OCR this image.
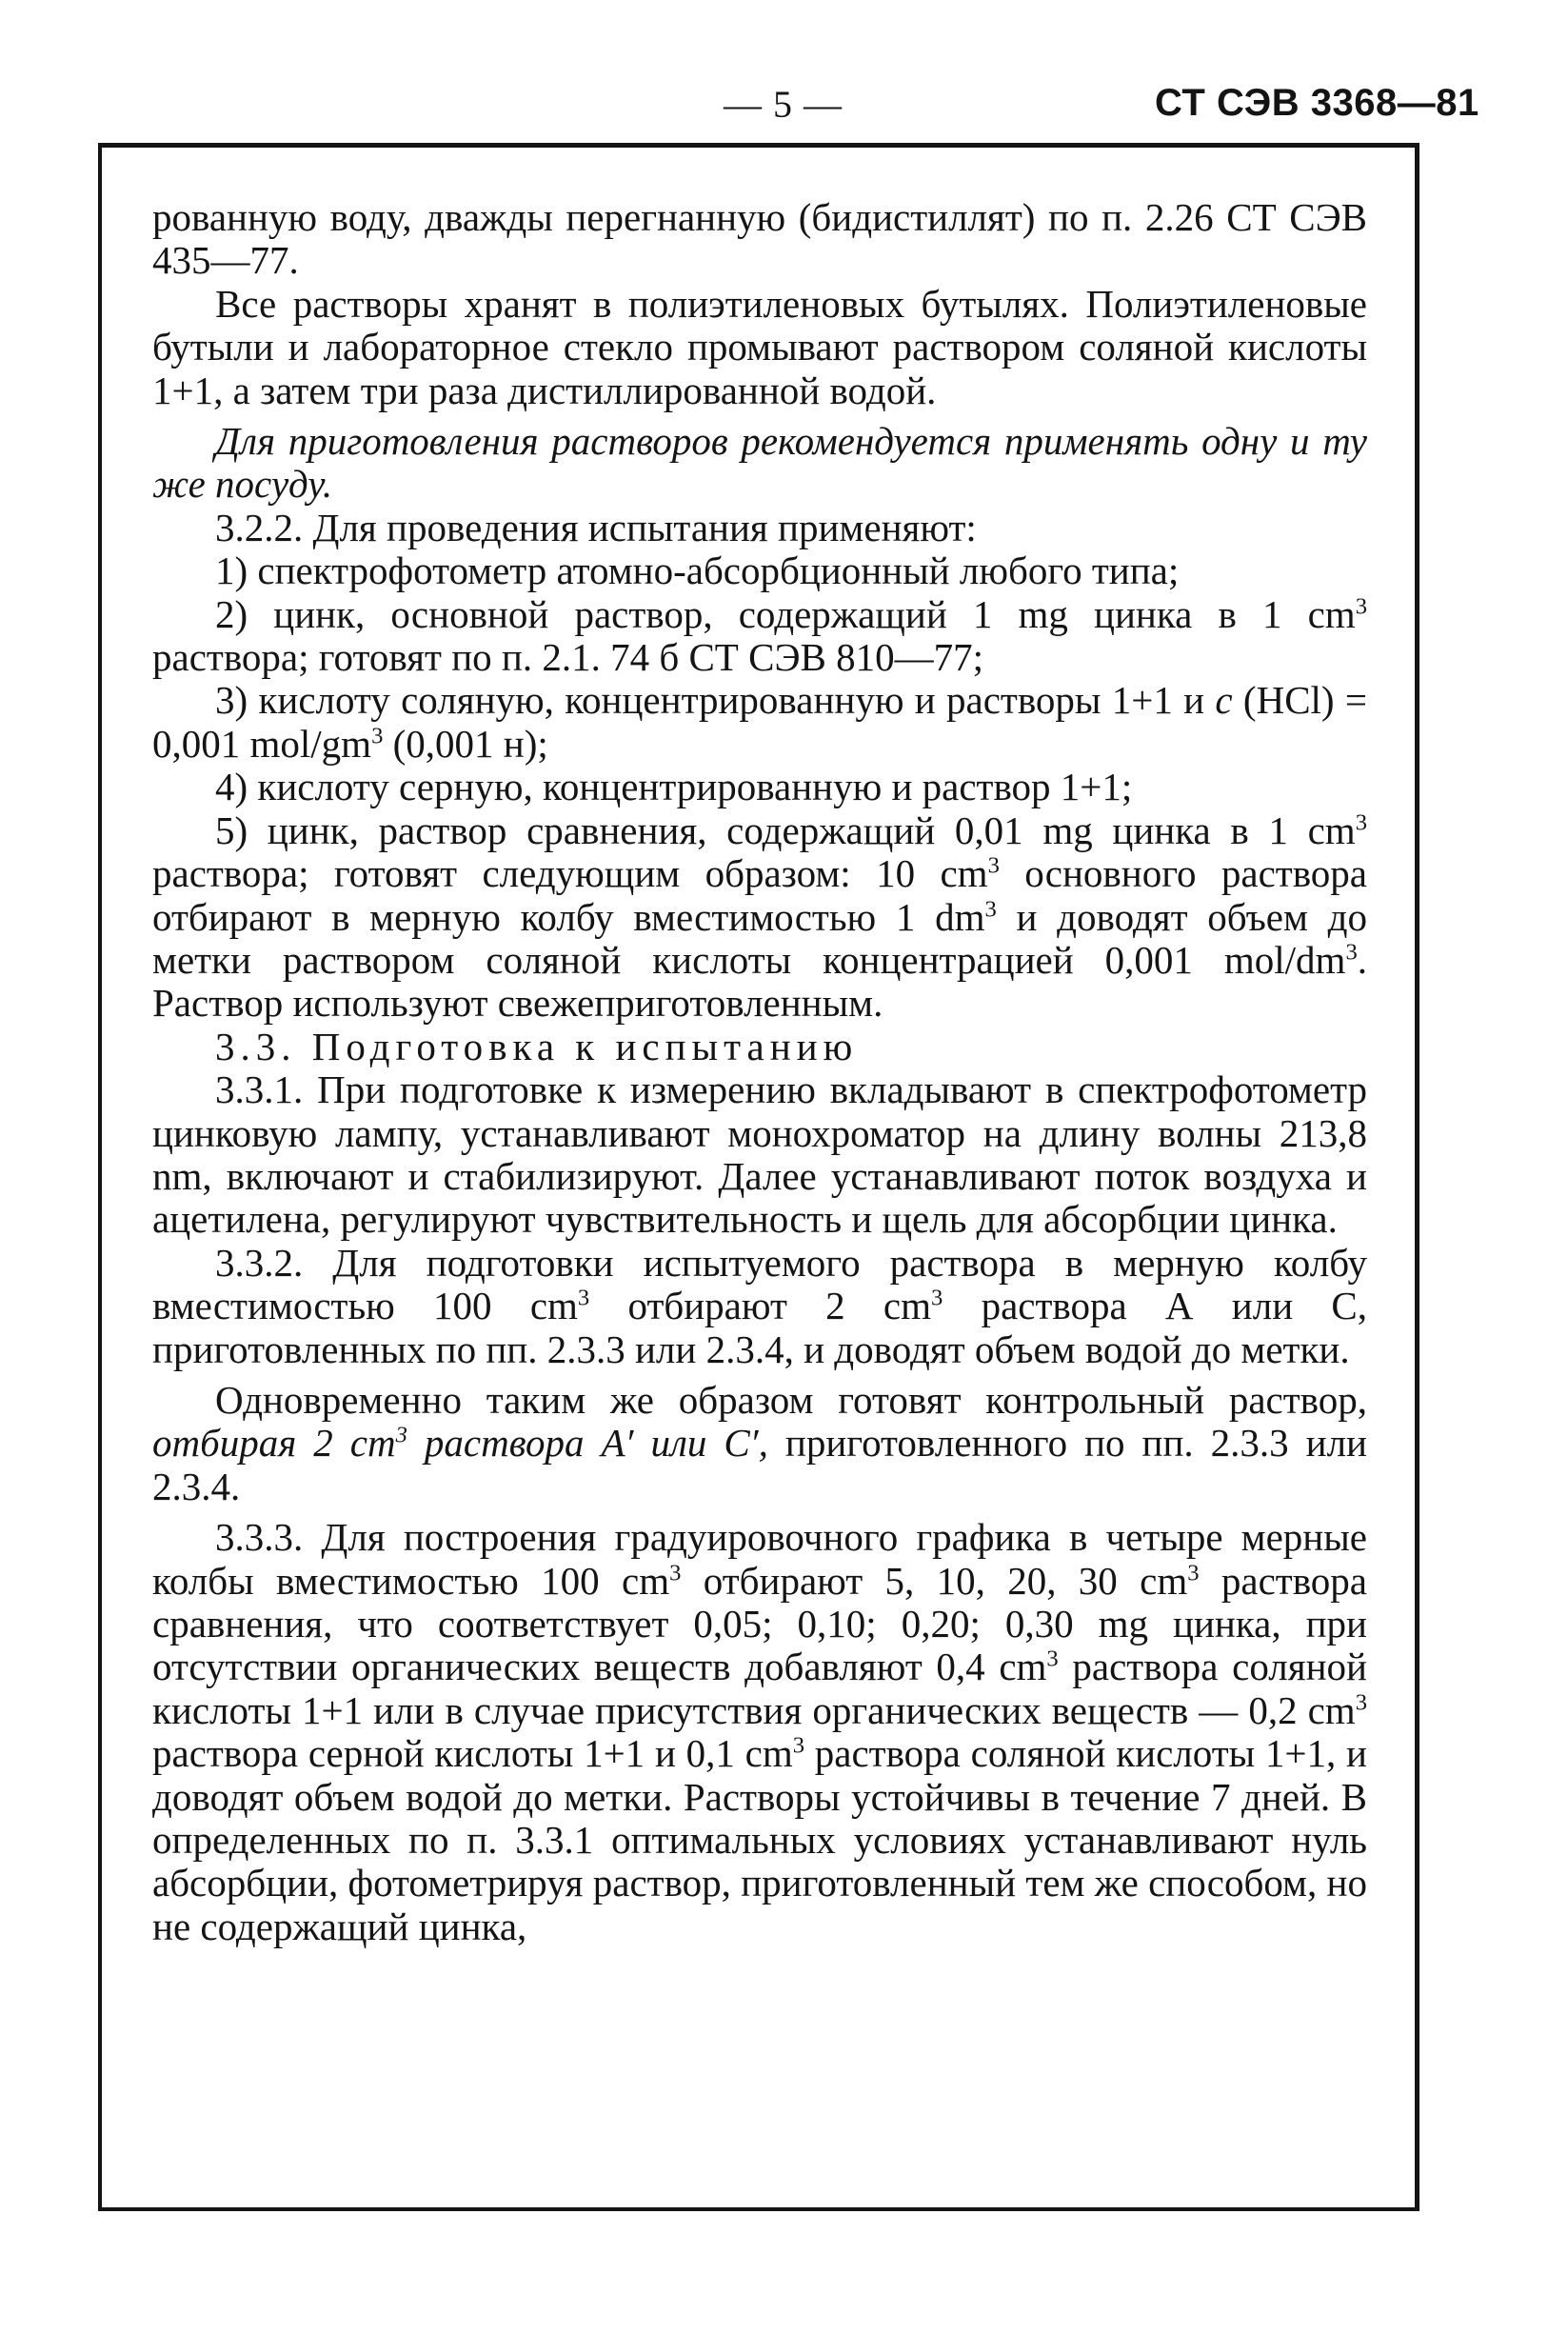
— 5 —	СТ СЭВ 3368—81

рованную воду, дважды перегнанную (бидистиллят) по п. 2.26 СТ СЭВ 435—77.

Все растворы хранят в полиэтиленовых бутылях. Полиэтиленовые бутыли и лабораторное стекло промывают раствором соляной кислоты 1+1, а затем три раза дистиллированной водой.

Для приготовления растворов рекомендуется применять одну и ту же посуду.

3.2.2. Для проведения испытания применяют:

1) спектрофотометр атомно-абсорбционный любого типа;

2) цинк, основной раствор, содержащий 1 mg цинка в 1 $cm^3$ раствора; готовят по п. 2.1. 74 б СТ СЭВ 810—77;

3) кислоту соляную, концентрированную и растворы 1+1 и c (HCl) = 0,001 mol/$gm^3$ (0,001 н);

4) кислоту серную, концентрированную и раствор 1+1;

5) цинк, раствор сравнения, содержащий 0,01 mg цинка в 1 $cm^3$ раствора; готовят следующим образом: 10 $cm^3$ основного раствора отбирают в мерную колбу вместимостью 1 $dm^3$ и доводят объем до метки раствором соляной кислоты концентрацией 0,001 mol/$dm^3$. Раствор используют свежеприготовленным.

3.3. Подготовка к испытанию

3.3.1. При подготовке к измерению вкладывают в спектрофотометр цинковую лампу, устанавливают монохроматор на длину волны 213,8 nm, включают и стабилизируют. Далее устанавливают поток воздуха и ацетилена, регулируют чувствительность и щель для абсорбции цинка.

3.3.2. Для подготовки испытуемого раствора в мерную колбу вместимостью 100 $cm^3$ отбирают 2 $cm^3$ раствора А или С, приготовленных по пп. 2.3.3 или 2.3.4, и доводят объем водой до метки.

Одновременно таким же образом готовят контрольный раствор, отбирая 2 $cm^3$ раствора A′ или C′, приготовленного по пп. 2.3.3 или 2.3.4.

3.3.3. Для построения градуировочного графика в четыре мерные колбы вместимостью 100 $cm^3$ отбирают 5, 10, 20, 30 $cm^3$ раствора сравнения, что соответствует 0,05; 0,10; 0,20; 0,30 mg цинка, при отсутствии органических веществ добавляют 0,4 $cm^3$ раствора соляной кислоты 1+1 или в случае присутствия органических веществ — 0,2 $cm^3$ раствора серной кислоты 1+1 и 0,1 $cm^3$ раствора соляной кислоты 1+1, и доводят объем водой до метки. Растворы устойчивы в течение 7 дней. В определенных по п. 3.3.1 оптимальных условиях устанавливают нуль абсорбции, фотометрируя раствор, приготовленный тем же способом, но не содержащий цинка,
